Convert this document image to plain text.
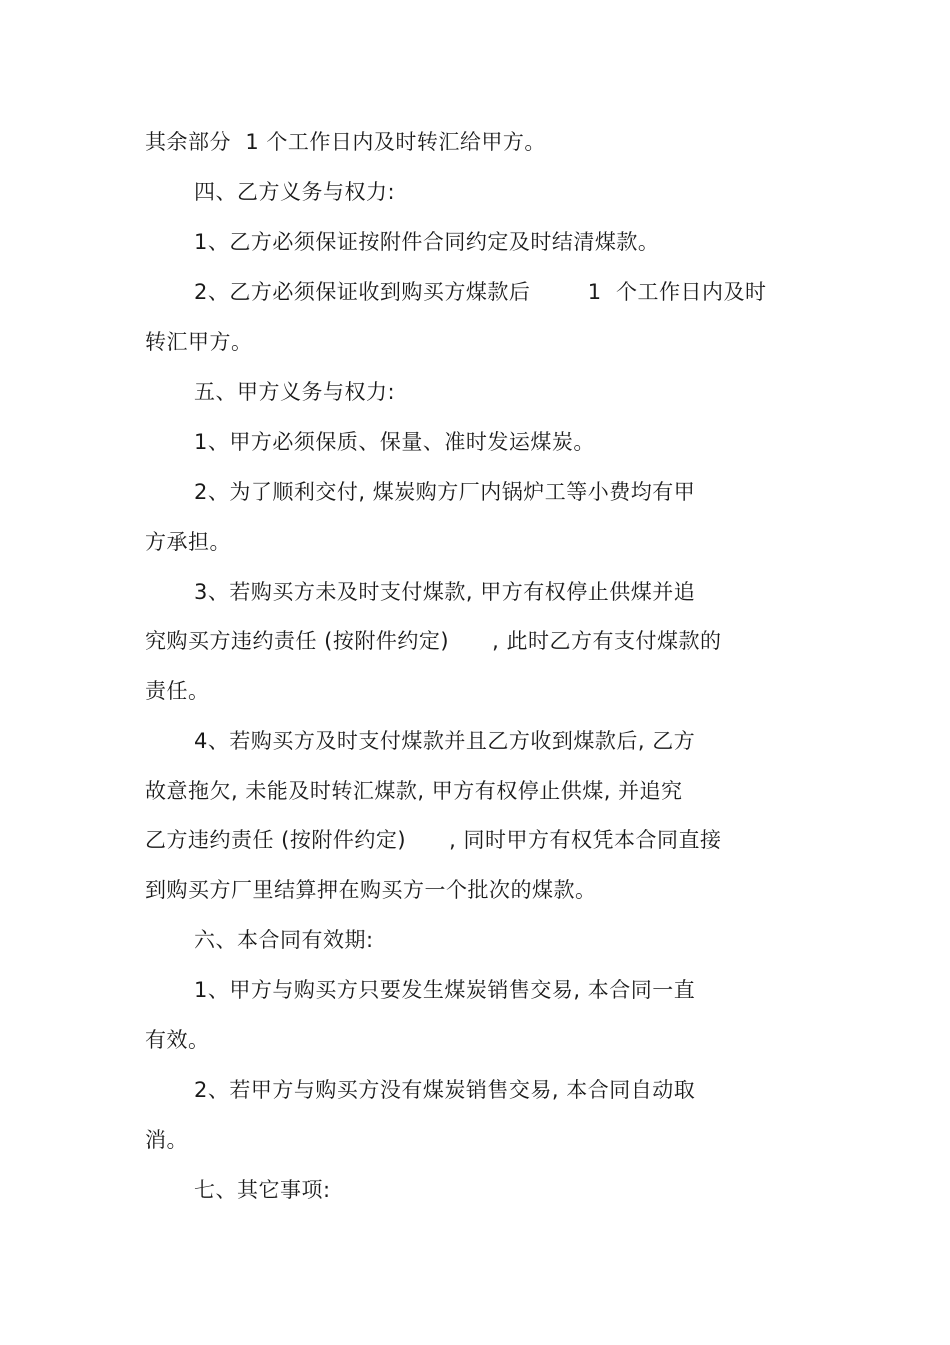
其余部分  1 个工作日内及时转汇给甲方。
四、乙方义务与权力:
1、乙方必须保证按附件合同约定及时结清煤款。
2、乙方必须保证收到购买方煤款后        1  个工作日内及时
转汇甲方。
五、甲方义务与权力:
1、甲方必须保质、保量、准时发运煤炭。
2、为了顺利交付, 煤炭购方厂内锅炉工等小费均有甲
方承担。
3、若购买方未及时支付煤款, 甲方有权停止供煤并追
究购买方违约责任 (按附件约定)      , 此时乙方有支付煤款的
责任。
4、若购买方及时支付煤款并且乙方收到煤款后, 乙方
故意拖欠, 未能及时转汇煤款, 甲方有权停止供煤, 并追究
乙方违约责任 (按附件约定)      , 同时甲方有权凭本合同直接
到购买方厂里结算押在购买方一个批次的煤款。
六、本合同有效期:
1、甲方与购买方只要发生煤炭销售交易, 本合同一直
有效。
2、若甲方与购买方没有煤炭销售交易, 本合同自动取
消。
七、其它事项:
